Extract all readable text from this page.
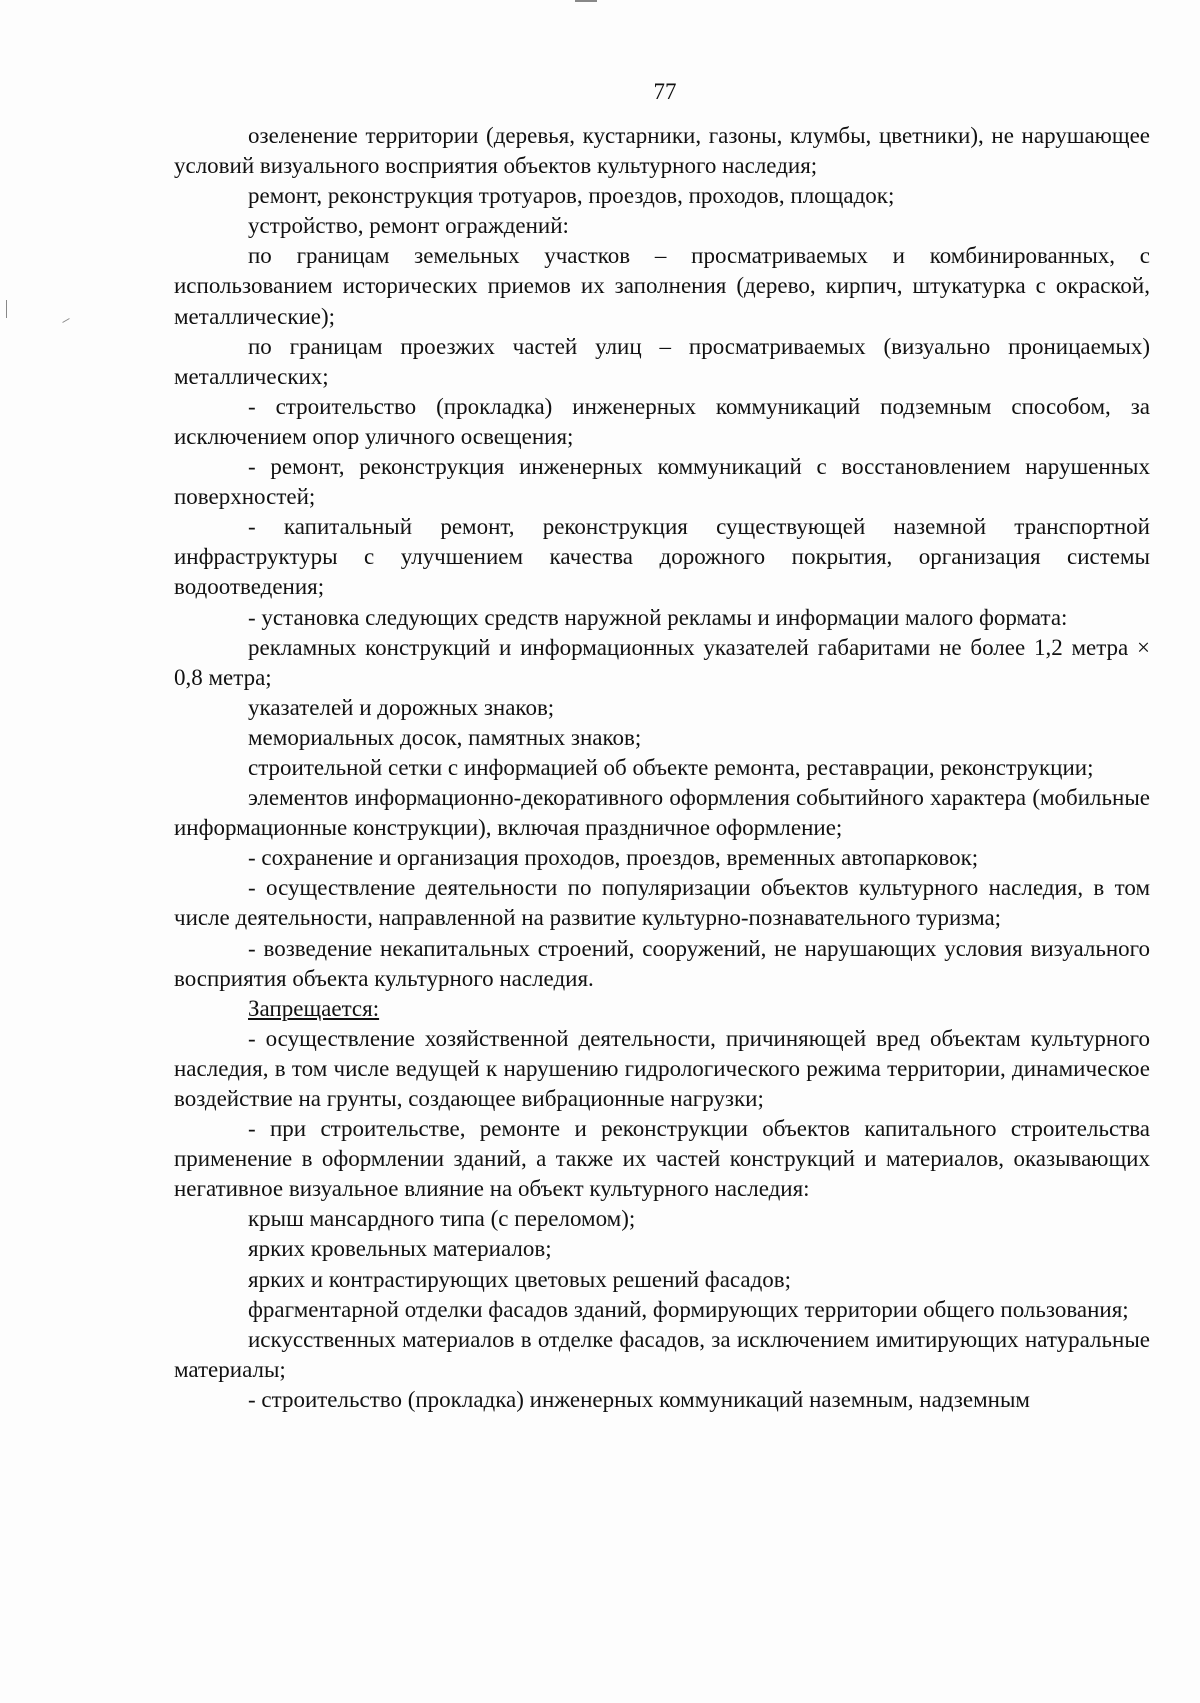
77

озеленение территории (деревья, кустарники, газоны, клумбы, цветники), не нарушающее условий визуального восприятия объектов культурного наследия;

ремонт, реконструкция тротуаров, проездов, проходов, площадок;

устройство, ремонт ограждений:

по границам земельных участков – просматриваемых и комбинированных, с использованием исторических приемов их заполнения (дерево, кирпич, штукатурка с окраской, металлические);

по границам проезжих частей улиц – просматриваемых (визуально проницаемых) металлических;

- строительство (прокладка) инженерных коммуникаций подземным способом, за исключением опор уличного освещения;

- ремонт, реконструкция инженерных коммуникаций с восстановлением нарушенных поверхностей;

- капитальный ремонт, реконструкция существующей наземной транспортной инфраструктуры с улучшением качества дорожного покрытия, организация системы водоотведения;

- установка следующих средств наружной рекламы и информации малого формата:

рекламных конструкций и информационных указателей габаритами не более 1,2 метра × 0,8 метра;

указателей и дорожных знаков;

мемориальных досок, памятных знаков;

строительной сетки с информацией об объекте ремонта, реставрации, реконструкции;

элементов информационно-декоративного оформления событийного характера (мобильные информационные конструкции), включая праздничное оформление;

- сохранение и организация проходов, проездов, временных автопарковок;

- осуществление деятельности по популяризации объектов культурного наследия, в том числе деятельности, направленной на развитие культурно-познавательного туризма;

- возведение некапитальных строений, сооружений, не нарушающих условия визуального восприятия объекта культурного наследия.

Запрещается:

- осуществление хозяйственной деятельности, причиняющей вред объектам культурного наследия, в том числе ведущей к нарушению гидрологического режима территории, динамическое воздействие на грунты, создающее вибрационные нагрузки;

- при строительстве, ремонте и реконструкции объектов капитального строительства применение в оформлении зданий, а также их частей конструкций и материалов, оказывающих негативное визуальное влияние на объект культурного наследия:

крыш мансардного типа (с переломом);

ярких кровельных материалов;

ярких и контрастирующих цветовых решений фасадов;

фрагментарной отделки фасадов зданий, формирующих территории общего пользования;

искусственных материалов в отделке фасадов, за исключением имитирующих натуральные материалы;

- строительство (прокладка) инженерных коммуникаций наземным, надземным
